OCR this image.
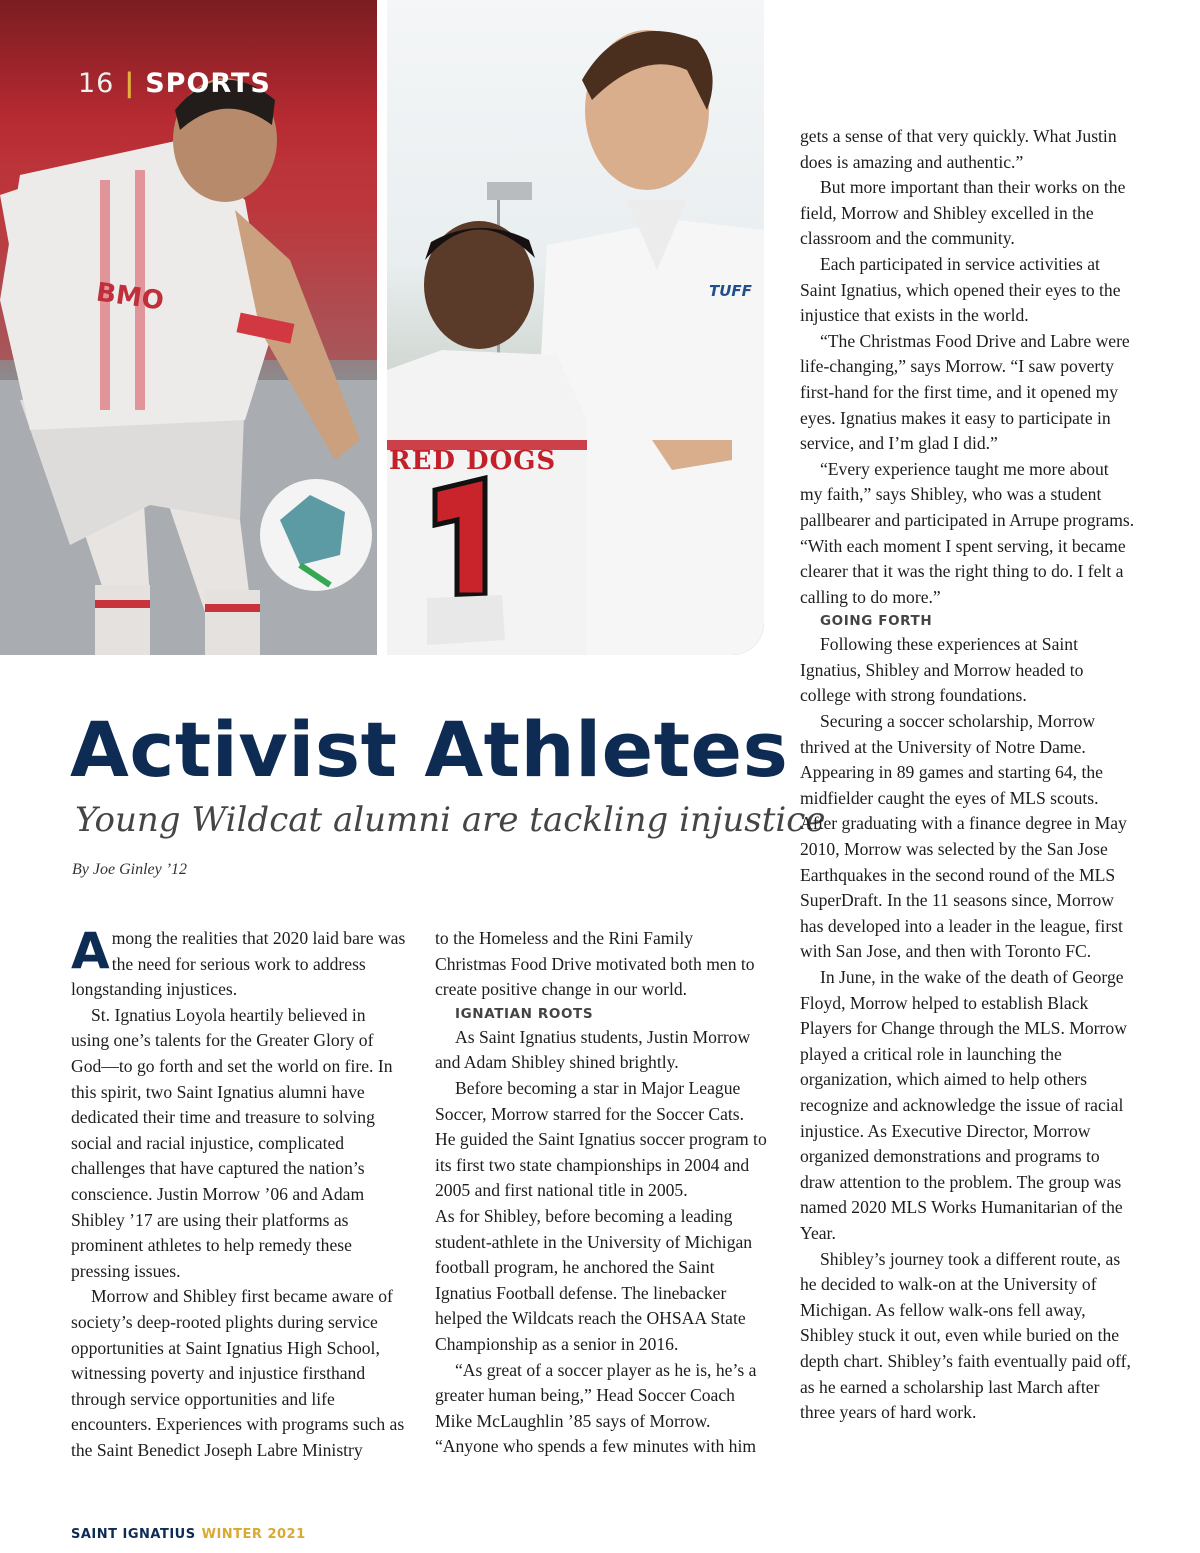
16 | SPORTS
BMO
RED DOGS
TUFF
Activist Athletes
Young Wildcat alumni are tackling injustice
By Joe Ginley ’12

Among the realities that 2020 laid bare was the need for serious work to address longstanding injustices.

St. Ignatius Loyola heartily believed in using one’s talents for the Greater Glory of God—to go forth and set the world on fire. In this spirit, two Saint Ignatius alumni have dedicated their time and treasure to solving social and racial injustice, complicated challenges that have captured the nation’s conscience. Justin Morrow ’06 and Adam Shibley ’17 are using their platforms as prominent athletes to help remedy these pressing issues.

Morrow and Shibley first became aware of society’s deep-rooted plights during service opportunities at Saint Ignatius High School, witnessing poverty and injustice firsthand through service opportunities and life encounters. Experiences with programs such as the Saint Benedict Joseph Labre Ministry

to the Homeless and the Rini Family Christmas Food Drive motivated both men to create positive change in our world.

IGNATIAN ROOTS

As Saint Ignatius students, Justin Morrow and Adam Shibley shined brightly.

Before becoming a star in Major League Soccer, Morrow starred for the Soccer Cats. He guided the Saint Ignatius soccer program to its first two state championships in 2004 and 2005 and first national title in 2005.

As for Shibley, before becoming a leading student-athlete in the University of Michigan football program, he anchored the Saint Ignatius Football defense. The linebacker helped the Wildcats reach the OHSAA State Championship as a senior in 2016.

“As great of a soccer player as he is, he’s a greater human being,” Head Soccer Coach Mike McLaughlin ’85 says of Morrow. “Anyone who spends a few minutes with him

gets a sense of that very quickly. What Justin does is amazing and authentic.”

But more important than their works on the field, Morrow and Shibley excelled in the classroom and the community.

Each participated in service activities at Saint Ignatius, which opened their eyes to the injustice that exists in the world.

“The Christmas Food Drive and Labre were life-changing,” says Morrow. “I saw poverty first-hand for the first time, and it opened my eyes. Ignatius makes it easy to participate in service, and I’m glad I did.”

“Every experience taught me more about my faith,” says Shibley, who was a student pallbearer and participated in Arrupe programs. “With each moment I spent serving, it became clearer that it was the right thing to do. I felt a calling to do more.”

GOING FORTH

Following these experiences at Saint Ignatius, Shibley and Morrow headed to college with strong foundations.

Securing a soccer scholarship, Morrow thrived at the University of Notre Dame. Appearing in 89 games and starting 64, the midfielder caught the eyes of MLS scouts. After graduating with a finance degree in May 2010, Morrow was selected by the San Jose Earthquakes in the second round of the MLS SuperDraft. In the 11 seasons since, Morrow has developed into a leader in the league, first with San Jose, and then with Toronto FC.

In June, in the wake of the death of George Floyd, Morrow helped to establish Black Players for Change through the MLS. Morrow played a critical role in launching the organization, which aimed to help others recognize and acknowledge the issue of racial injustice. As Executive Director, Morrow organized demonstrations and programs to draw attention to the problem. The group was named 2020 MLS Works Humanitarian of the Year.

Shibley’s journey took a different route, as he decided to walk-on at the University of Michigan. As fellow walk-ons fell away, Shibley stuck it out, even while buried on the depth chart. Shibley’s faith eventually paid off, as he earned a scholarship last March after three years of hard work.

SAINT IGNATIUS WINTER 2021
